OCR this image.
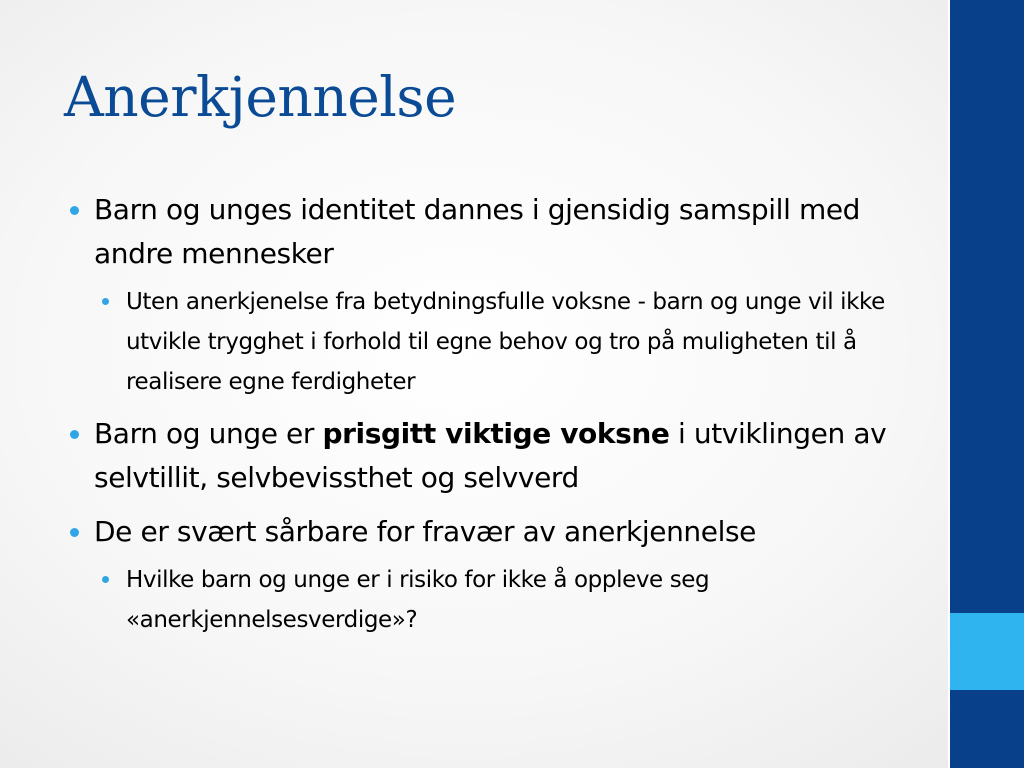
Anerkjennelse
Barn og unges identitet dannes i gjensidig samspill med andre mennesker
Uten anerkjenelse fra betydningsfulle voksne - barn og unge vil ikke utvikle trygghet i forhold til egne behov og tro på muligheten til å realisere egne ferdigheter
Barn og unge er prisgitt viktige voksne i utviklingen av selvtillit, selvbevissthet og selvverd
De er svært sårbare for fravær av anerkjennelse
Hvilke barn og unge er i risiko for ikke å oppleve seg «anerkjennelsesverdige»?
